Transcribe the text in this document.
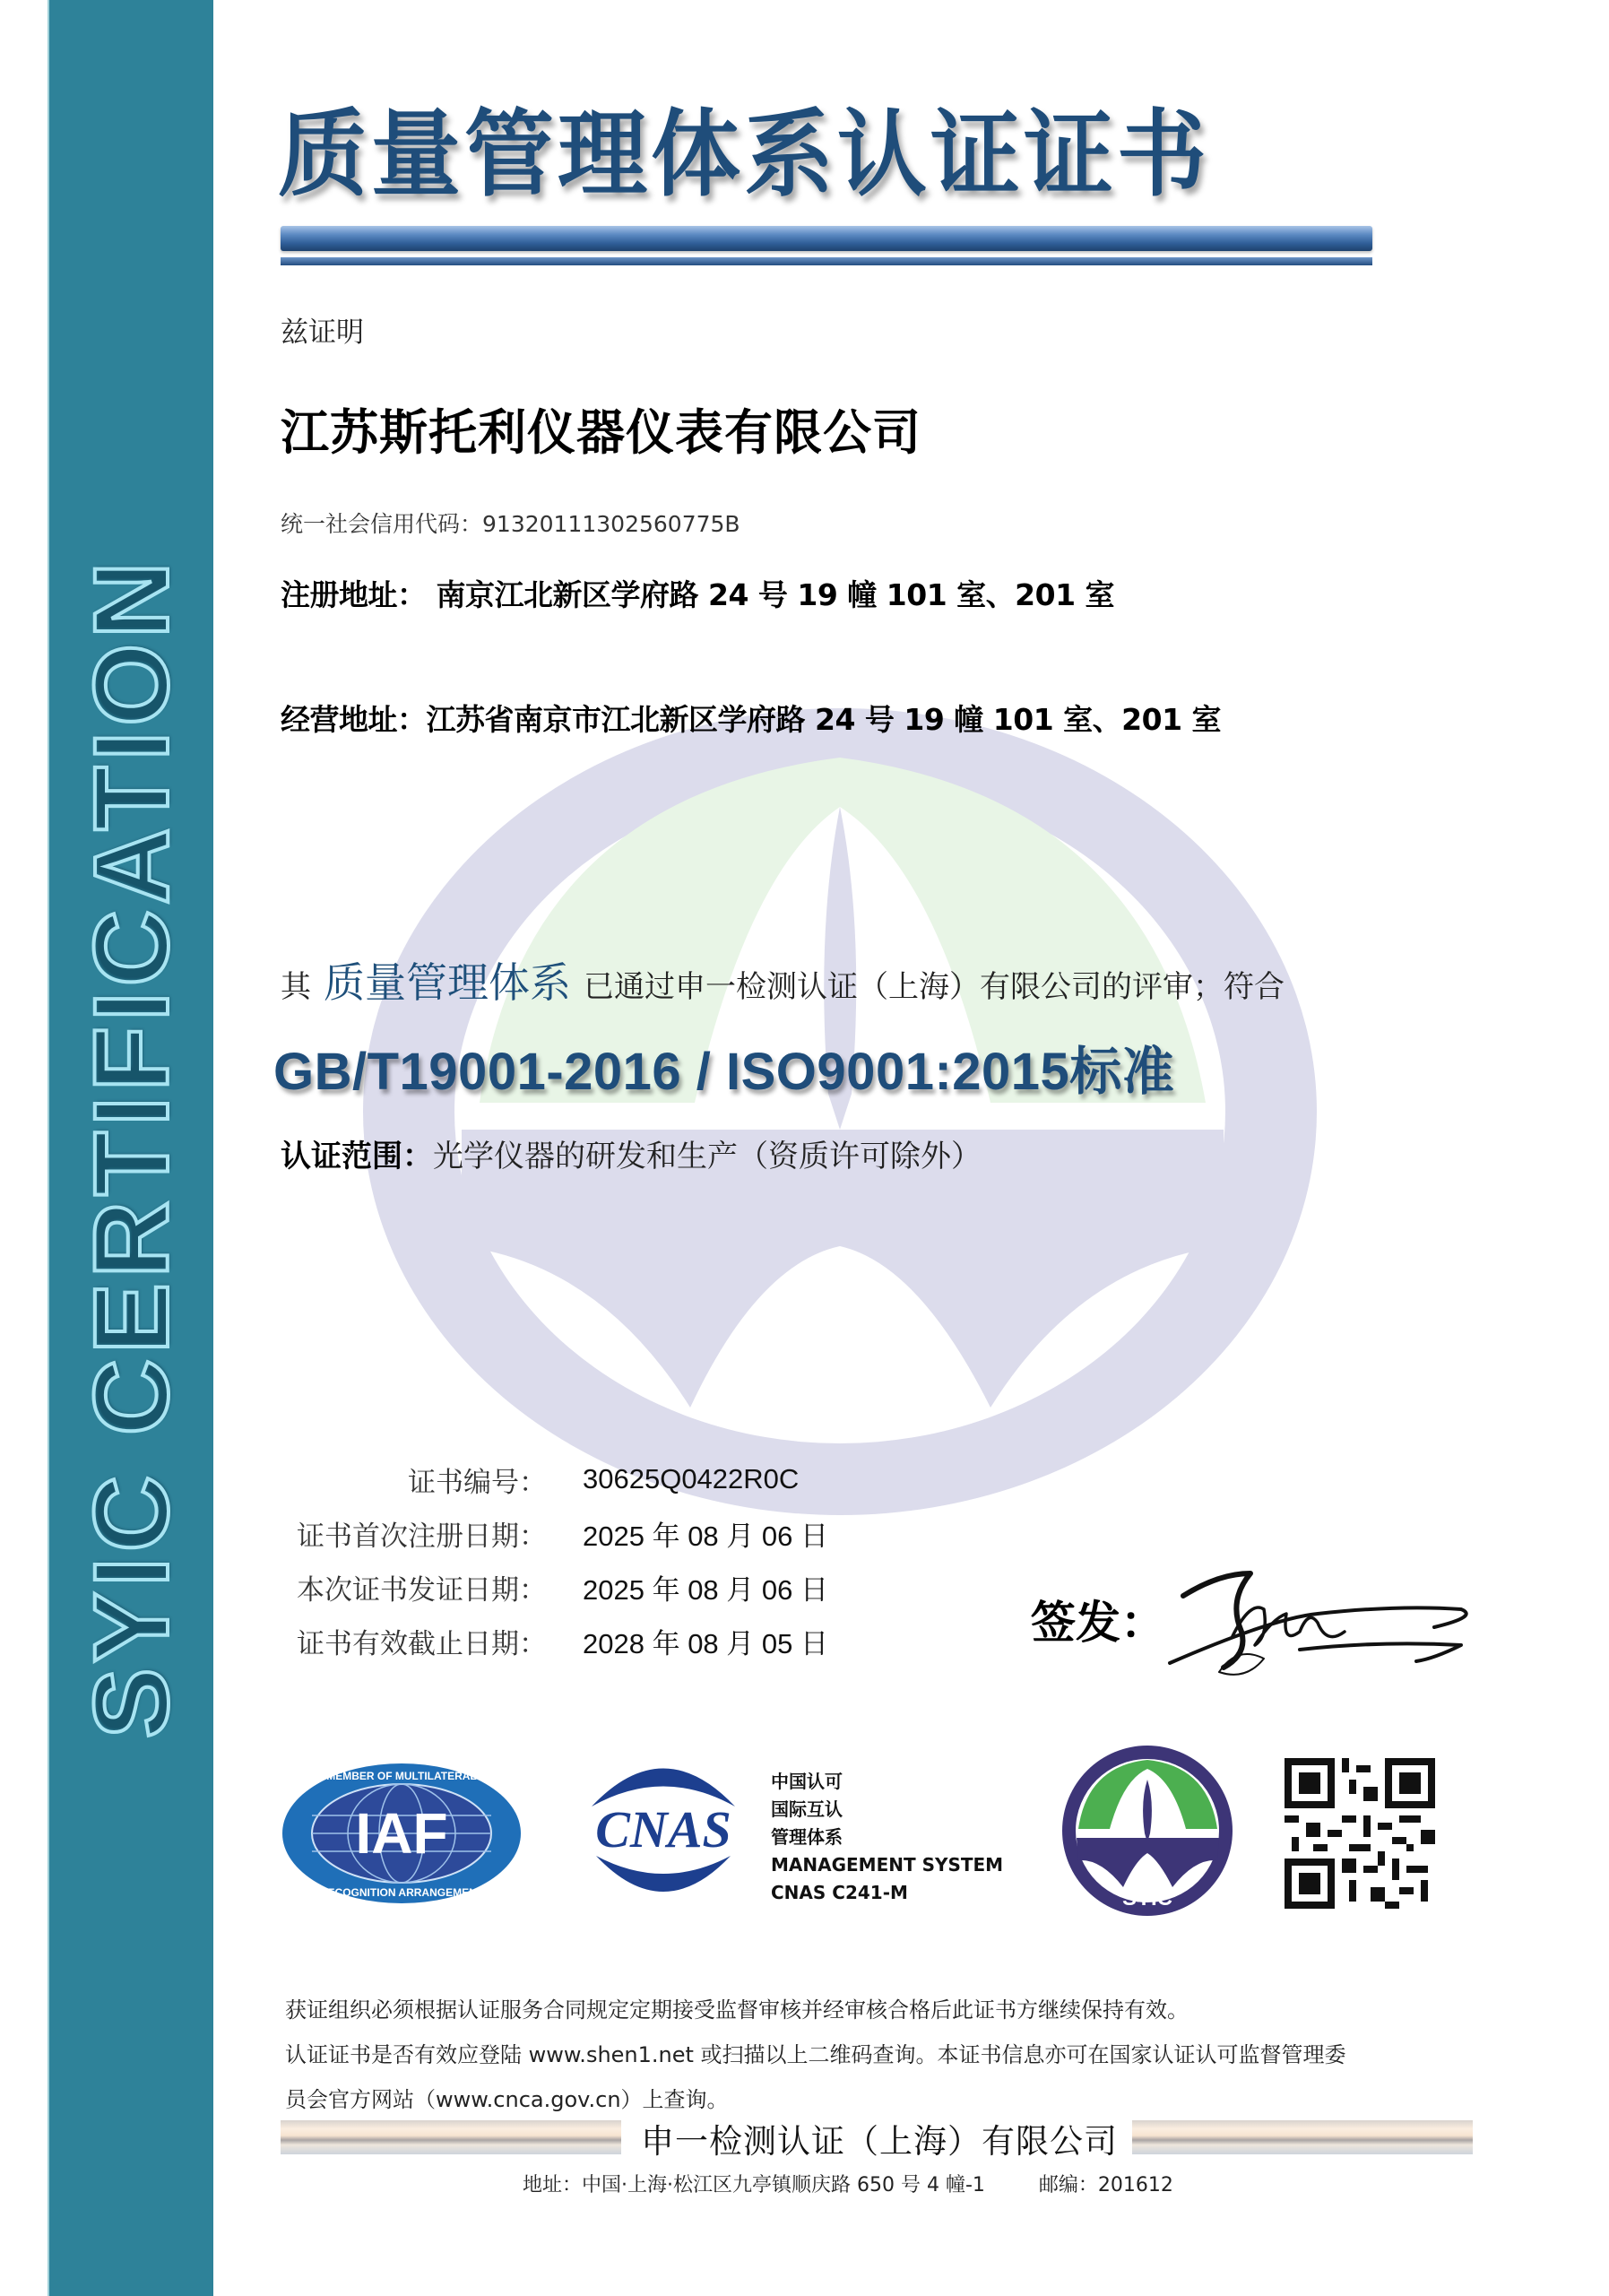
SYIC CERTIFICATION
质量管理体系认证证书
兹证明
江苏斯托利仪器仪表有限公司
统一社会信用代码：91320111302560775B
注册地址： 南京江北新区学府路 24 号 19 幢 101 室、201 室
经营地址：江苏省南京市江北新区学府路 24 号 19 幢 101 室、201 室
其 质量管理体系 已通过申一检测认证（上海）有限公司的评审；符合
GB/T19001-2016 / ISO9001:2015标准
认证范围：光学仪器的研发和生产（资质许可除外）
证书编号： 30625Q0422R0C
证书首次注册日期： 2025 年 08 月 06 日
本次证书发证日期： 2025 年 08 月 06 日
证书有效截止日期： 2028 年 08 月 05 日	签发：
IAF
MEMBER OF MULTILATERAL
RECOGNITION ARRANGEMENT
CNAS
中国认可
国际互认
管理体系
MANAGEMENT SYSTEM
CNAS C241-M	SYIC
获证组织必须根据认证服务合同规定定期接受监督审核并经审核合格后此证书方继续保持有效。
认证证书是否有效应登陆 www.shen1.net 或扫描以上二维码查询。本证书信息亦可在国家认证认可监督管理委
员会官方网站（www.cnca.gov.cn）上查询。
申一检测认证（上海）有限公司
地址：中国·上海·松江区九亭镇顺庆路 650 号 4 幢-1	邮编：201612
